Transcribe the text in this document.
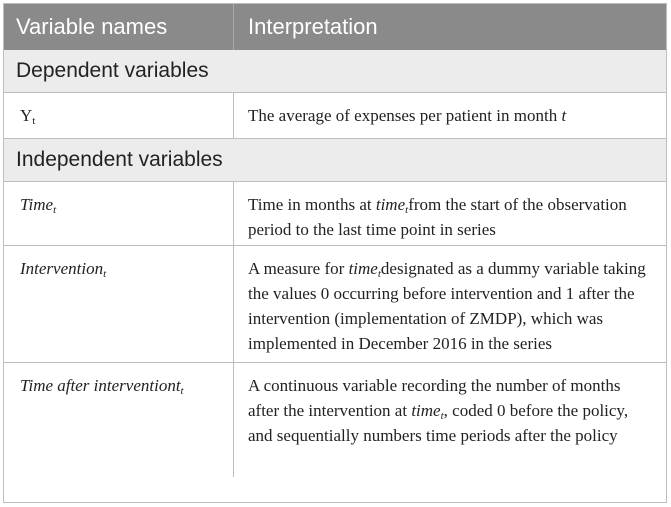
Variable names	Interpretation
Dependent variables
$Y_t$	The average of expenses per patient in month t
Independent variables
Time$_t$	Time in months at time$_t$from the start of the observation period to the last time point in series
Intervention$_t$	A measure for time$_t$designated as a dummy variable taking the values 0 occurring before intervention and 1 after the intervention (implementation of ZMDP), which was implemented in December 2016 in the series
Time after interventiont$_t$	A continuous variable recording the number of months after the intervention at time$_t$, coded 0 before the policy, and sequentially numbers time periods after the policy
